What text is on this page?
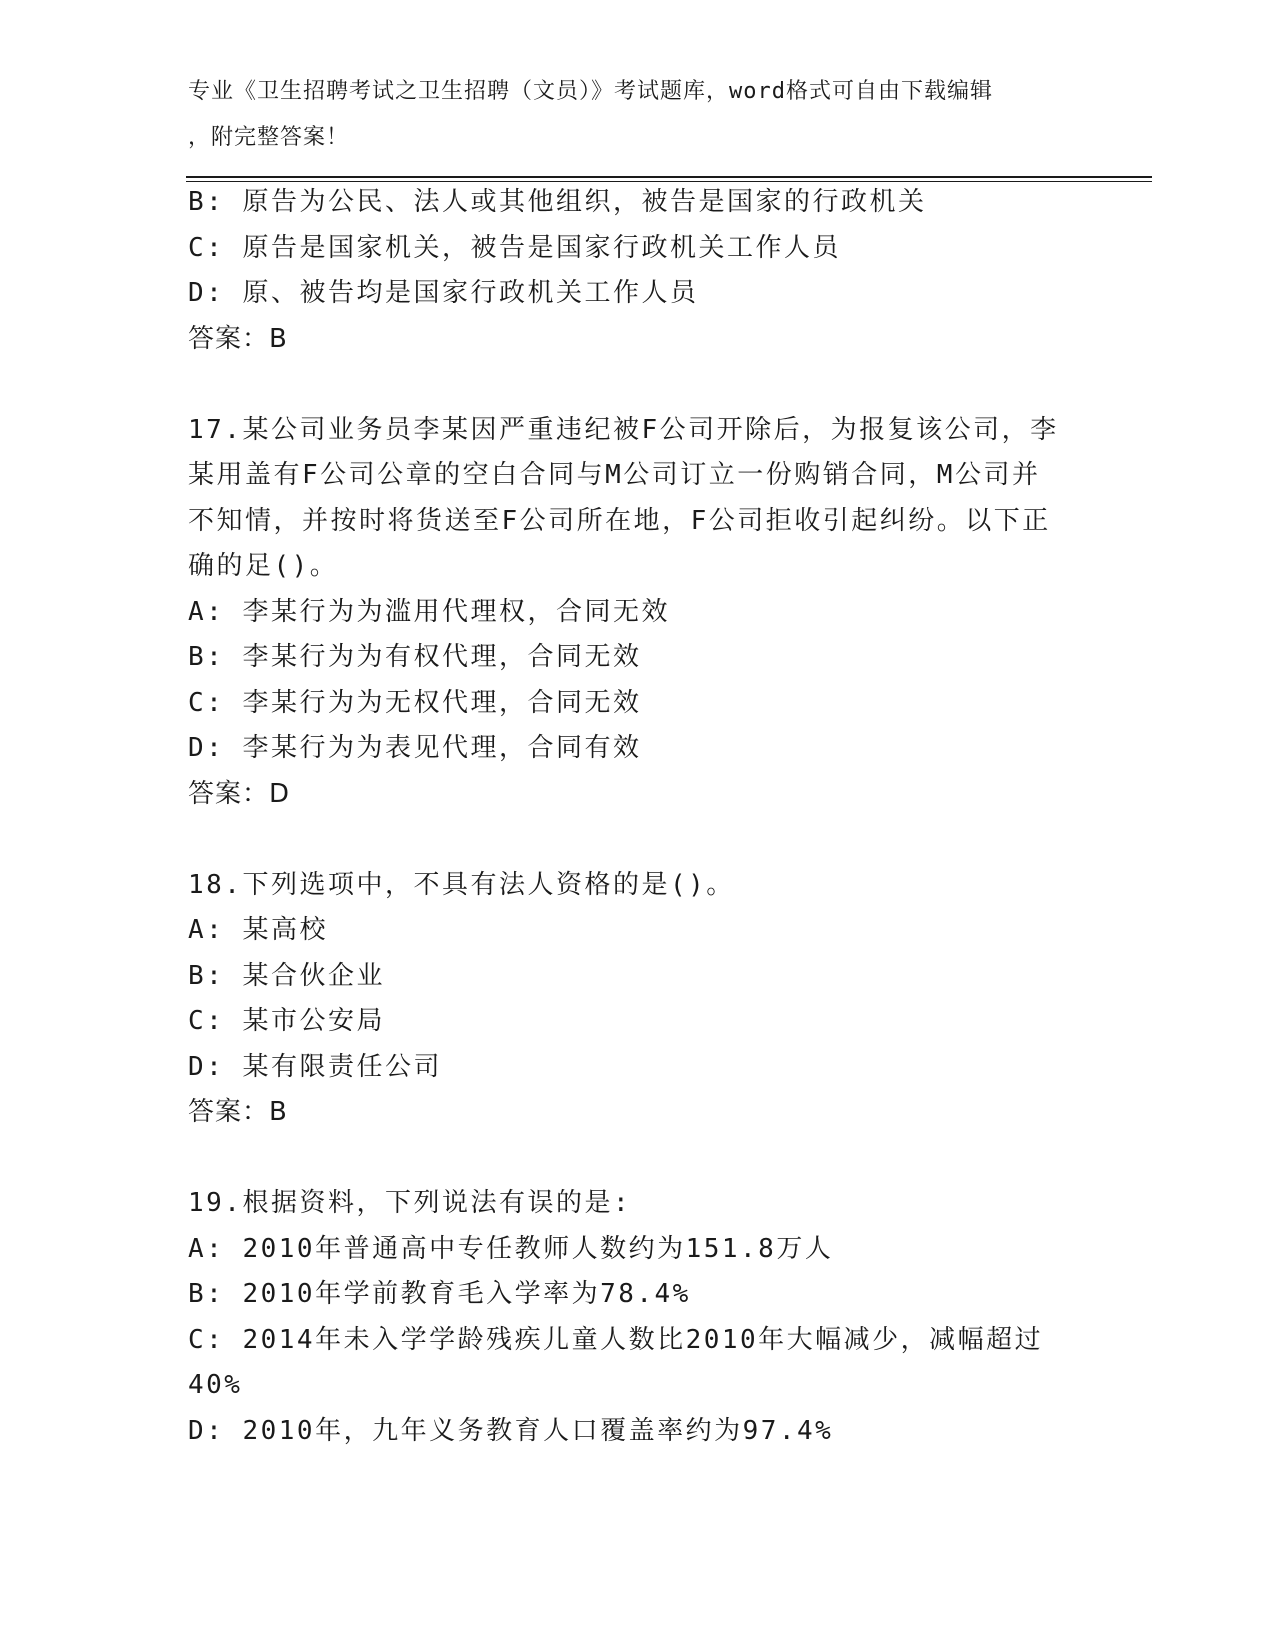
专业《卫生招聘考试之卫生招聘（文员）》考试题库，word格式可自由下载编辑
，附完整答案！
B: 原告为公民、法人或其他组织，被告是国家的行政机关
C: 原告是国家机关，被告是国家行政机关工作人员
D: 原、被告均是国家行政机关工作人员
答案：B
17.某公司业务员李某因严重违纪被F公司开除后，为报复该公司，李
某用盖有F公司公章的空白合同与M公司订立一份购销合同，M公司并
不知情，并按时将货送至F公司所在地，F公司拒收引起纠纷。以下正
确的足()。
A: 李某行为为滥用代理权，合同无效
B: 李某行为为有权代理，合同无效
C: 李某行为为无权代理，合同无效
D: 李某行为为表见代理，合同有效
答案：D
18.下列选项中，不具有法人资格的是()。
A: 某高校
B: 某合伙企业
C: 某市公安局
D: 某有限责任公司
答案：B
19.根据资料，下列说法有误的是:
A: 2010年普通高中专任教师人数约为151.8万人
B: 2010年学前教育毛入学率为78.4%
C: 2014年未入学学龄残疾儿童人数比2010年大幅减少，减幅超过
40%
D: 2010年，九年义务教育人口覆盖率约为97.4%
